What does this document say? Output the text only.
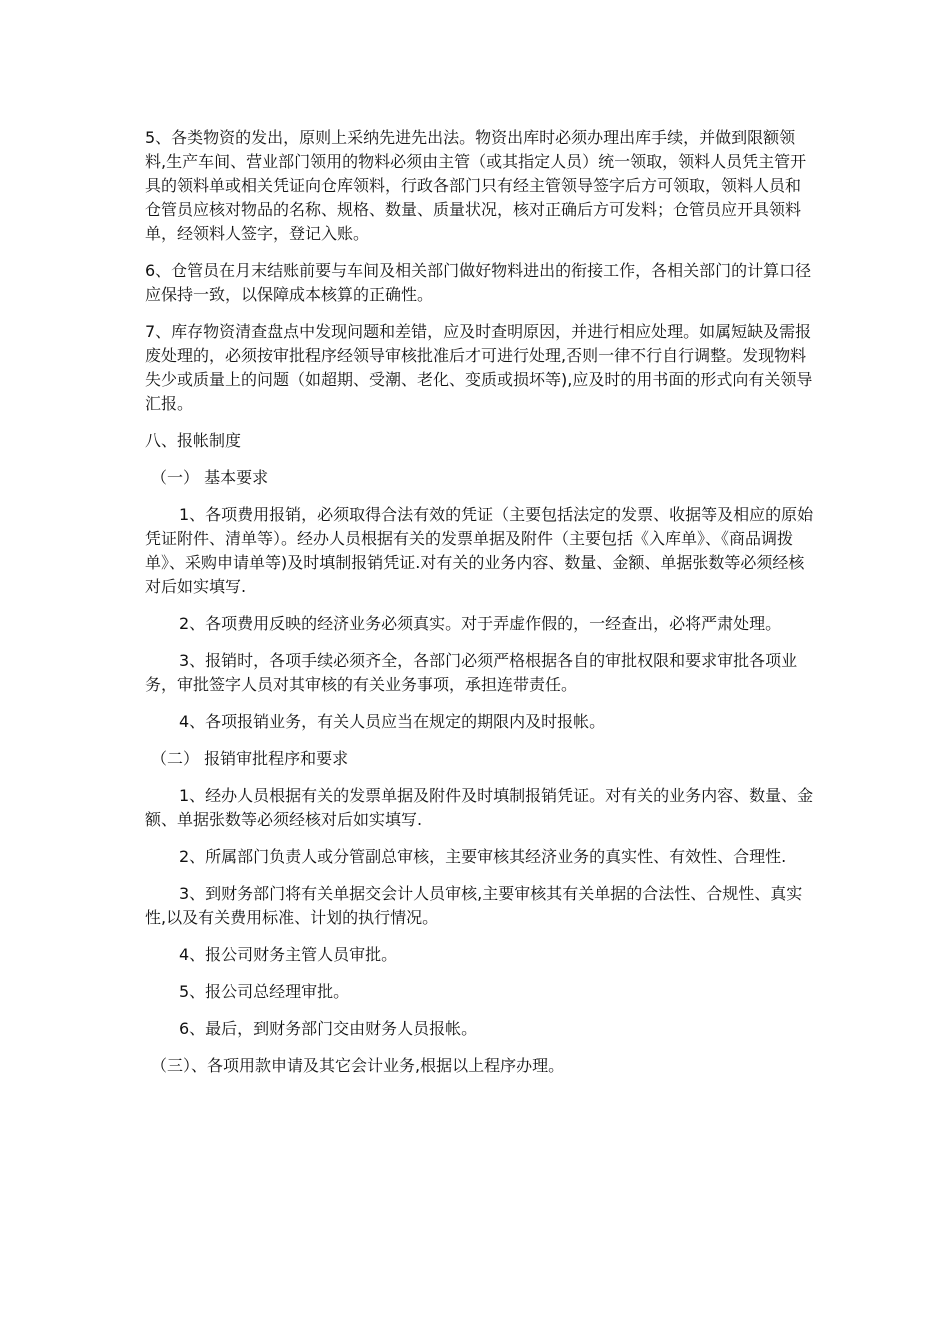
5、各类物资的发出，原则上采纳先进先出法。物资出库时必须办理出库手续，并做到限额领料,生产车间、营业部门领用的物料必须由主管（或其指定人员）统一领取，领料人员凭主管开具的领料单或相关凭证向仓库领料，行政各部门只有经主管领导签字后方可领取，领料人员和仓管员应核对物品的名称、规格、数量、质量状况，核对正确后方可发料；仓管员应开具领料单，经领料人签字，登记入账。

6、仓管员在月末结账前要与车间及相关部门做好物料进出的衔接工作，各相关部门的计算口径应保持一致，以保障成本核算的正确性。

7、库存物资清查盘点中发现问题和差错，应及时查明原因，并进行相应处理。如属短缺及需报废处理的，必须按审批程序经领导审核批准后才可进行处理,否则一律不行自行调整。发现物料失少或质量上的问题（如超期、受潮、老化、变质或损坏等),应及时的用书面的形式向有关领导汇报。

八、报帐制度

（一） 基本要求

1、各项费用报销，必须取得合法有效的凭证（主要包括法定的发票、收据等及相应的原始凭证附件、清单等）。经办人员根据有关的发票单据及附件（主要包括《入库单》、《商品调拨单》、采购申请单等)及时填制报销凭证.对有关的业务内容、数量、金额、单据张数等必须经核对后如实填写.

2、各项费用反映的经济业务必须真实。对于弄虚作假的，一经查出，必将严肃处理。

3、报销时，各项手续必须齐全，各部门必须严格根据各自的审批权限和要求审批各项业务，审批签字人员对其审核的有关业务事项，承担连带责任。

4、各项报销业务，有关人员应当在规定的期限内及时报帐。

（二） 报销审批程序和要求

1、经办人员根据有关的发票单据及附件及时填制报销凭证。对有关的业务内容、数量、金额、单据张数等必须经核对后如实填写.

2、所属部门负责人或分管副总审核，主要审核其经济业务的真实性、有效性、合理性.

3、到财务部门将有关单据交会计人员审核,主要审核其有关单据的合法性、合规性、真实性,以及有关费用标准、计划的执行情况。

4、报公司财务主管人员审批。

5、报公司总经理审批。

6、最后，到财务部门交由财务人员报帐。

（三）、各项用款申请及其它会计业务,根据以上程序办理。
